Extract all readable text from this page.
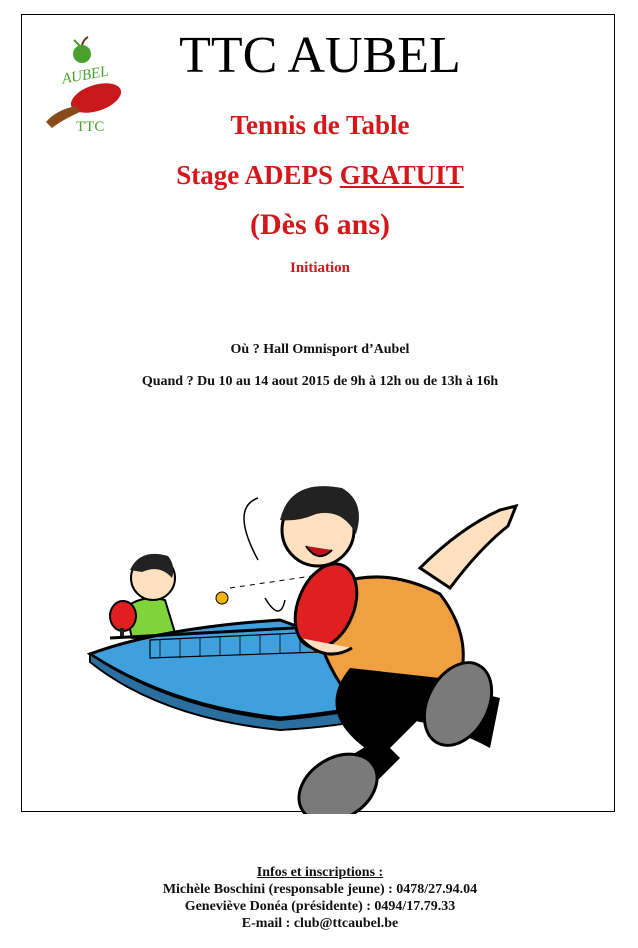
AUBEL
TTC
TTC AUBEL
Tennis de Table
Stage ADEPS GRATUIT
(Dès 6 ans)
Initiation
Où ? Hall Omnisport d’Aubel
Quand ? Du 10 au 14 aout 2015 de 9h à 12h ou de 13h à 16h
Infos et inscriptions :
Michèle Boschini (responsable jeune) : 0478/27.94.04
Geneviève Donéa (présidente) : 0494/17.79.33
E-mail : club@ttcaubel.be
